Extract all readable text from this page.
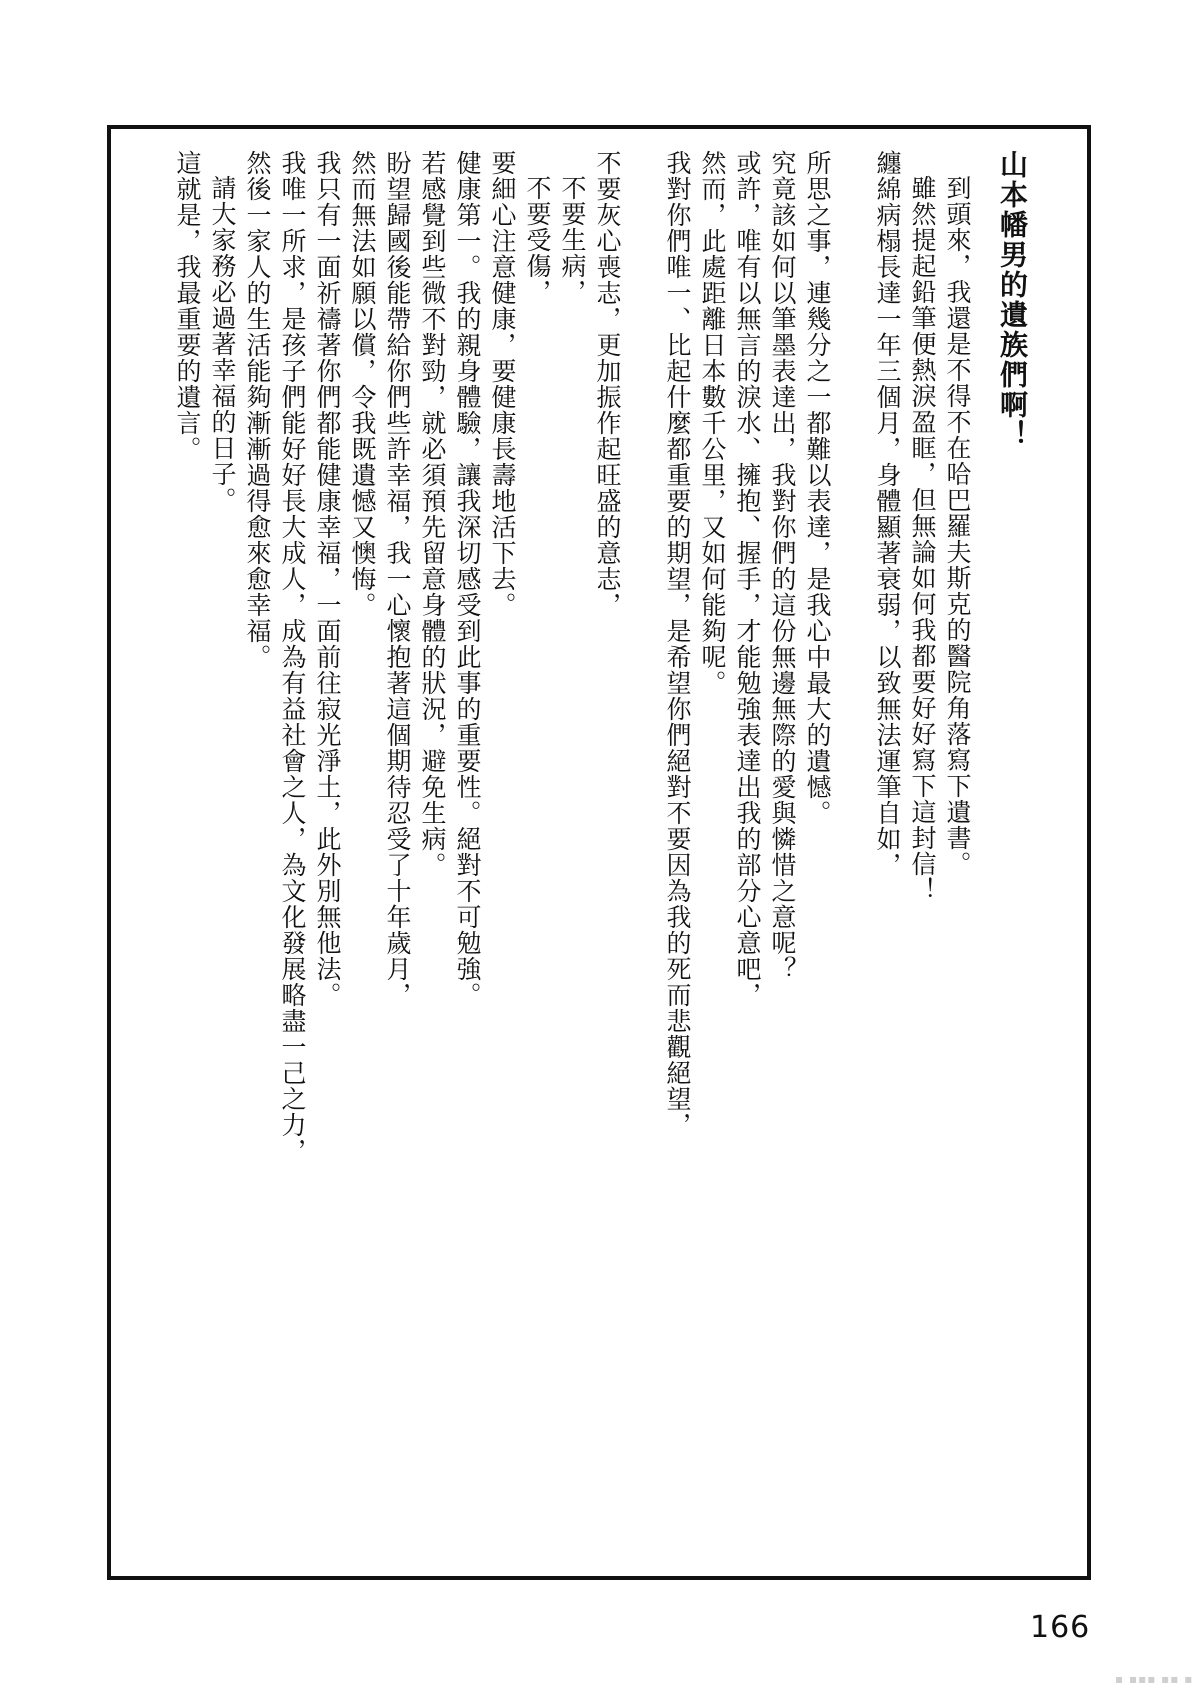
山本幡男的遺族們啊！

到頭來，我還是不得不在哈巴羅夫斯克的醫院角落寫下遺書。

雖然提起鉛筆便熱淚盈眶，但無論如何我都要好好寫下這封信！

纏綿病榻長達一年三個月，身體顯著衰弱，以致無法運筆自如，

所思之事，連幾分之一都難以表達，是我心中最大的遺憾。

究竟該如何以筆墨表達出，我對你們的這份無邊無際的愛與憐惜之意呢？

或許，唯有以無言的淚水、擁抱、握手，才能勉強表達出我的部分心意吧，

然而，此處距離日本數千公里，又如何能夠呢。

我對你們唯一、比起什麼都重要的期望，是希望你們絕對不要因為我的死而悲觀絕望，

不要灰心喪志，更加振作起旺盛的意志，

不要生病，

不要受傷，

要細心注意健康，要健康長壽地活下去。

健康第一。我的親身體驗，讓我深切感受到此事的重要性。絕對不可勉強。

若感覺到些微不對勁，就必須預先留意身體的狀況，避免生病。

盼望歸國後能帶給你們些許幸福，我一心懷抱著這個期待忍受了十年歲月，

然而無法如願以償，令我既遺憾又懊悔。

我只有一面祈禱著你們都能健康幸福，一面前往寂光淨土，此外別無他法。

我唯一所求，是孩子們能好好長大成人，成為有益社會之人，為文化發展略盡一己之力，

然後一家人的生活能夠漸漸過得愈來愈幸福。

請大家務必過著幸福的日子。

這就是，我最重要的遺言。

166
▪ ▪▪▪ ▪▪ ▪
